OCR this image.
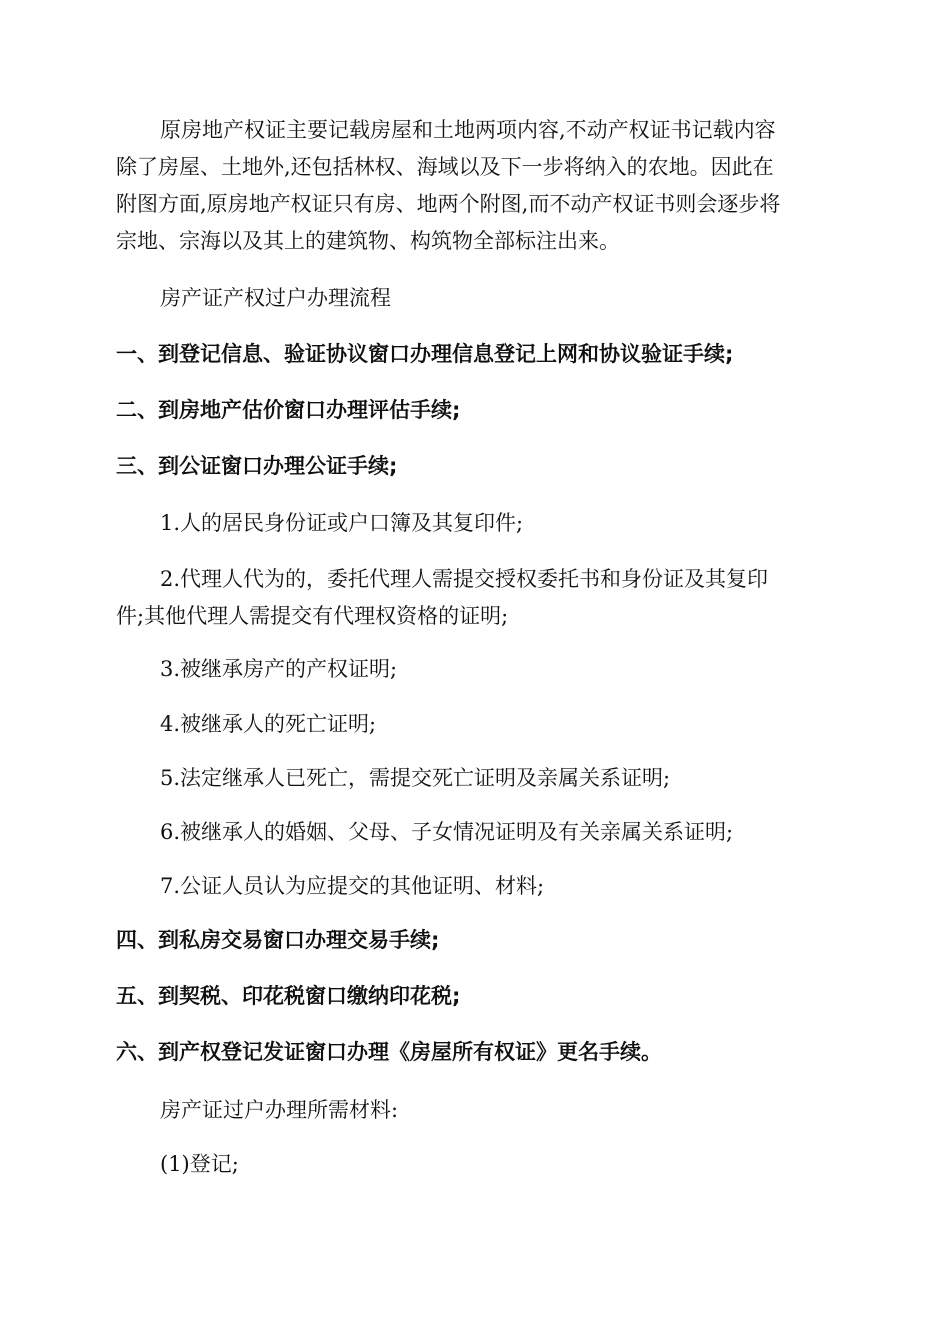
原房地产权证主要记载房屋和土地两项内容,不动产权证书记载内容

除了房屋、土地外,还包括林权、海域以及下一步将纳入的农地。因此在

附图方面,原房地产权证只有房、地两个附图,而不动产权证书则会逐步将

宗地、宗海以及其上的建筑物、构筑物全部标注出来。

房产证产权过户办理流程

一、到登记信息、验证协议窗口办理信息登记上网和协议验证手续;

二、到房地产估价窗口办理评估手续;

三、到公证窗口办理公证手续;

1.人的居民身份证或户口簿及其复印件;

2.代理人代为的，委托代理人需提交授权委托书和身份证及其复印

件;其他代理人需提交有代理权资格的证明;

3.被继承房产的产权证明;

4.被继承人的死亡证明;

5.法定继承人已死亡，需提交死亡证明及亲属关系证明;

6.被继承人的婚姻、父母、子女情况证明及有关亲属关系证明;

7.公证人员认为应提交的其他证明、材料;

四、到私房交易窗口办理交易手续;

五、到契税、印花税窗口缴纳印花税;

六、到产权登记发证窗口办理《房屋所有权证》更名手续。

房产证过户办理所需材料:

(1)登记;
